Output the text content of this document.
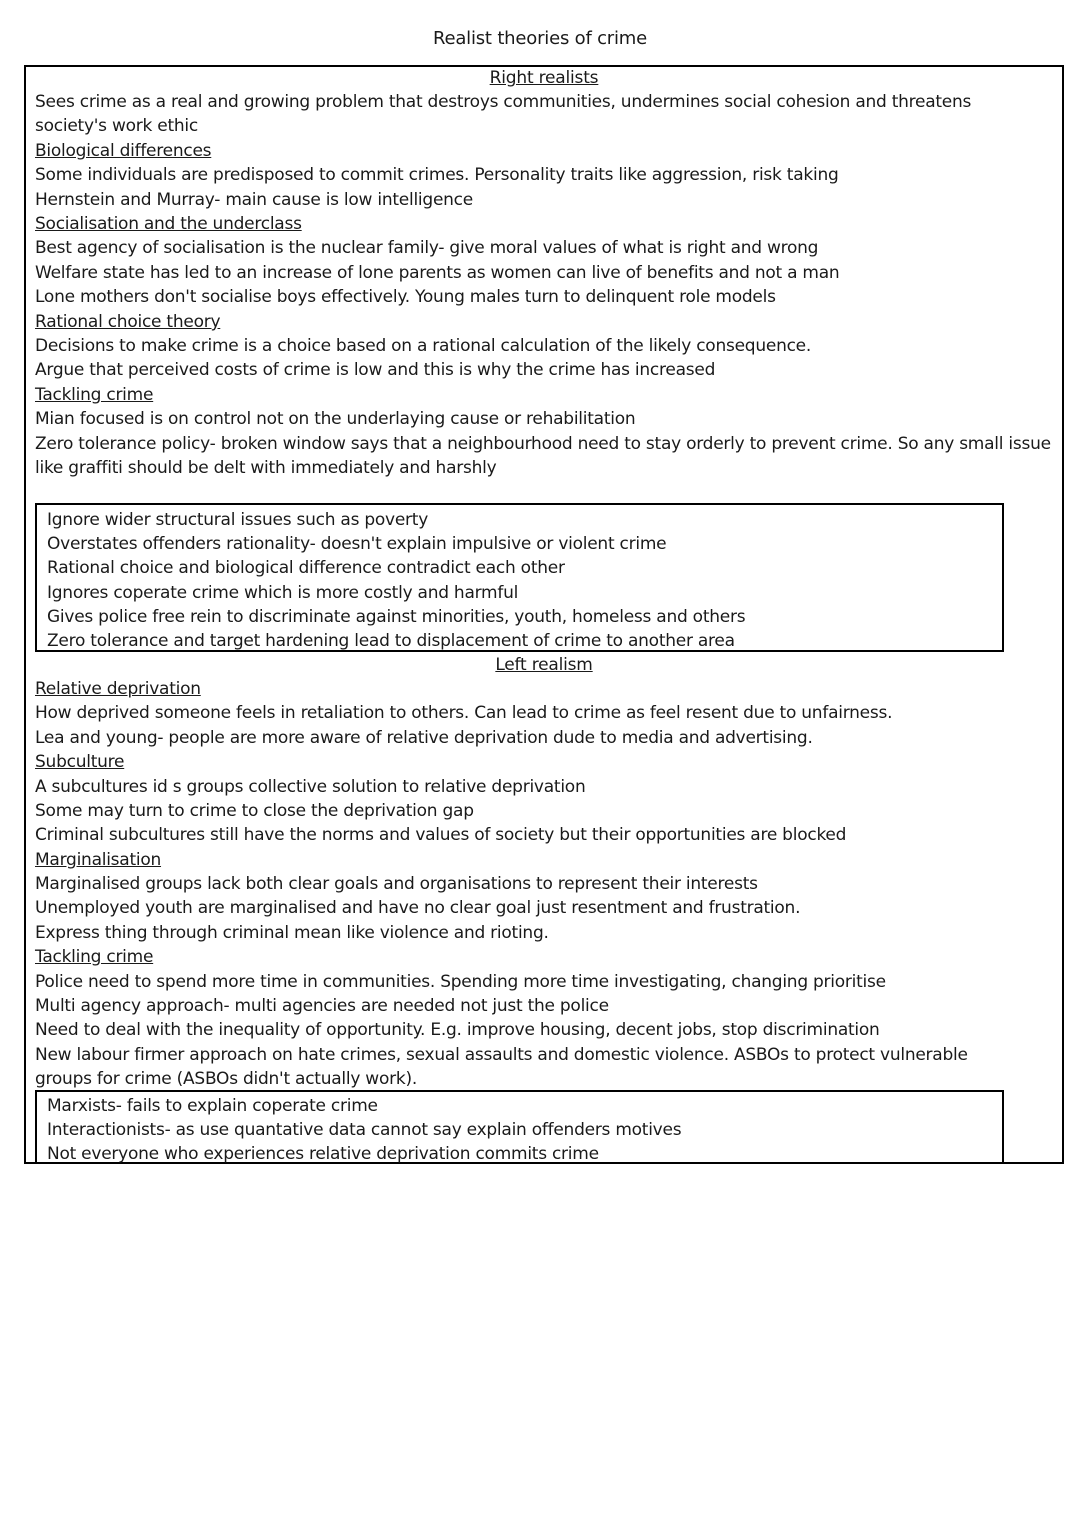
Realist theories of crime
Right realists
Sees crime as a real and growing problem that destroys communities, undermines social cohesion and threatens society's work ethic
Biological differences
Some individuals are predisposed to commit crimes. Personality traits like aggression, risk taking
Hernstein and Murray- main cause is low intelligence
Socialisation and the underclass
Best agency of socialisation is the nuclear family- give moral values of what is right and wrong
Welfare state has led to an increase of lone parents as women can live of benefits and not a man
Lone mothers don't socialise boys effectively. Young males turn to delinquent role models
Rational choice theory
Decisions to make crime is a choice based on a rational calculation of the likely consequence.
Argue that perceived costs of crime is low and this is why the crime has increased
Tackling crime
Mian focused is on control not on the underlaying cause or rehabilitation
Zero tolerance policy- broken window says that a neighbourhood need to stay orderly to prevent crime. So any small issue like graffiti should be delt with immediately and harshly
Ignore wider structural issues such as poverty
Overstates offenders rationality- doesn't explain impulsive or violent crime
Rational choice and biological difference contradict each other
Ignores coperate crime which is more costly and harmful
Gives police free rein to discriminate against minorities, youth, homeless and others
Zero tolerance and target hardening lead to displacement of crime to another area
Left realism
Relative deprivation
How deprived someone feels in retaliation to others. Can lead to crime as feel resent due to unfairness.
Lea and young- people are more aware of relative deprivation dude to media and advertising.
Subculture
A subcultures id s groups collective solution to relative deprivation
Some may turn to crime to close the deprivation gap
Criminal subcultures still have the norms and values of society but their opportunities are blocked
Marginalisation
Marginalised groups lack both clear goals and organisations to represent their interests
Unemployed youth are marginalised and have no clear goal just resentment and frustration.
Express thing through criminal mean like violence and rioting.
Tackling crime
Police need to spend more time in communities. Spending more time investigating, changing prioritise
Multi agency approach- multi agencies are needed not just the police
Need to deal with the inequality of opportunity. E.g. improve housing, decent jobs, stop discrimination
New labour firmer approach on hate crimes, sexual assaults and domestic violence. ASBOs to protect vulnerable
groups for crime (ASBOs didn't actually work).
Marxists- fails to explain coperate crime
Interactionists- as use quantative data cannot say explain offenders motives
Not everyone who experiences relative deprivation commits crime
